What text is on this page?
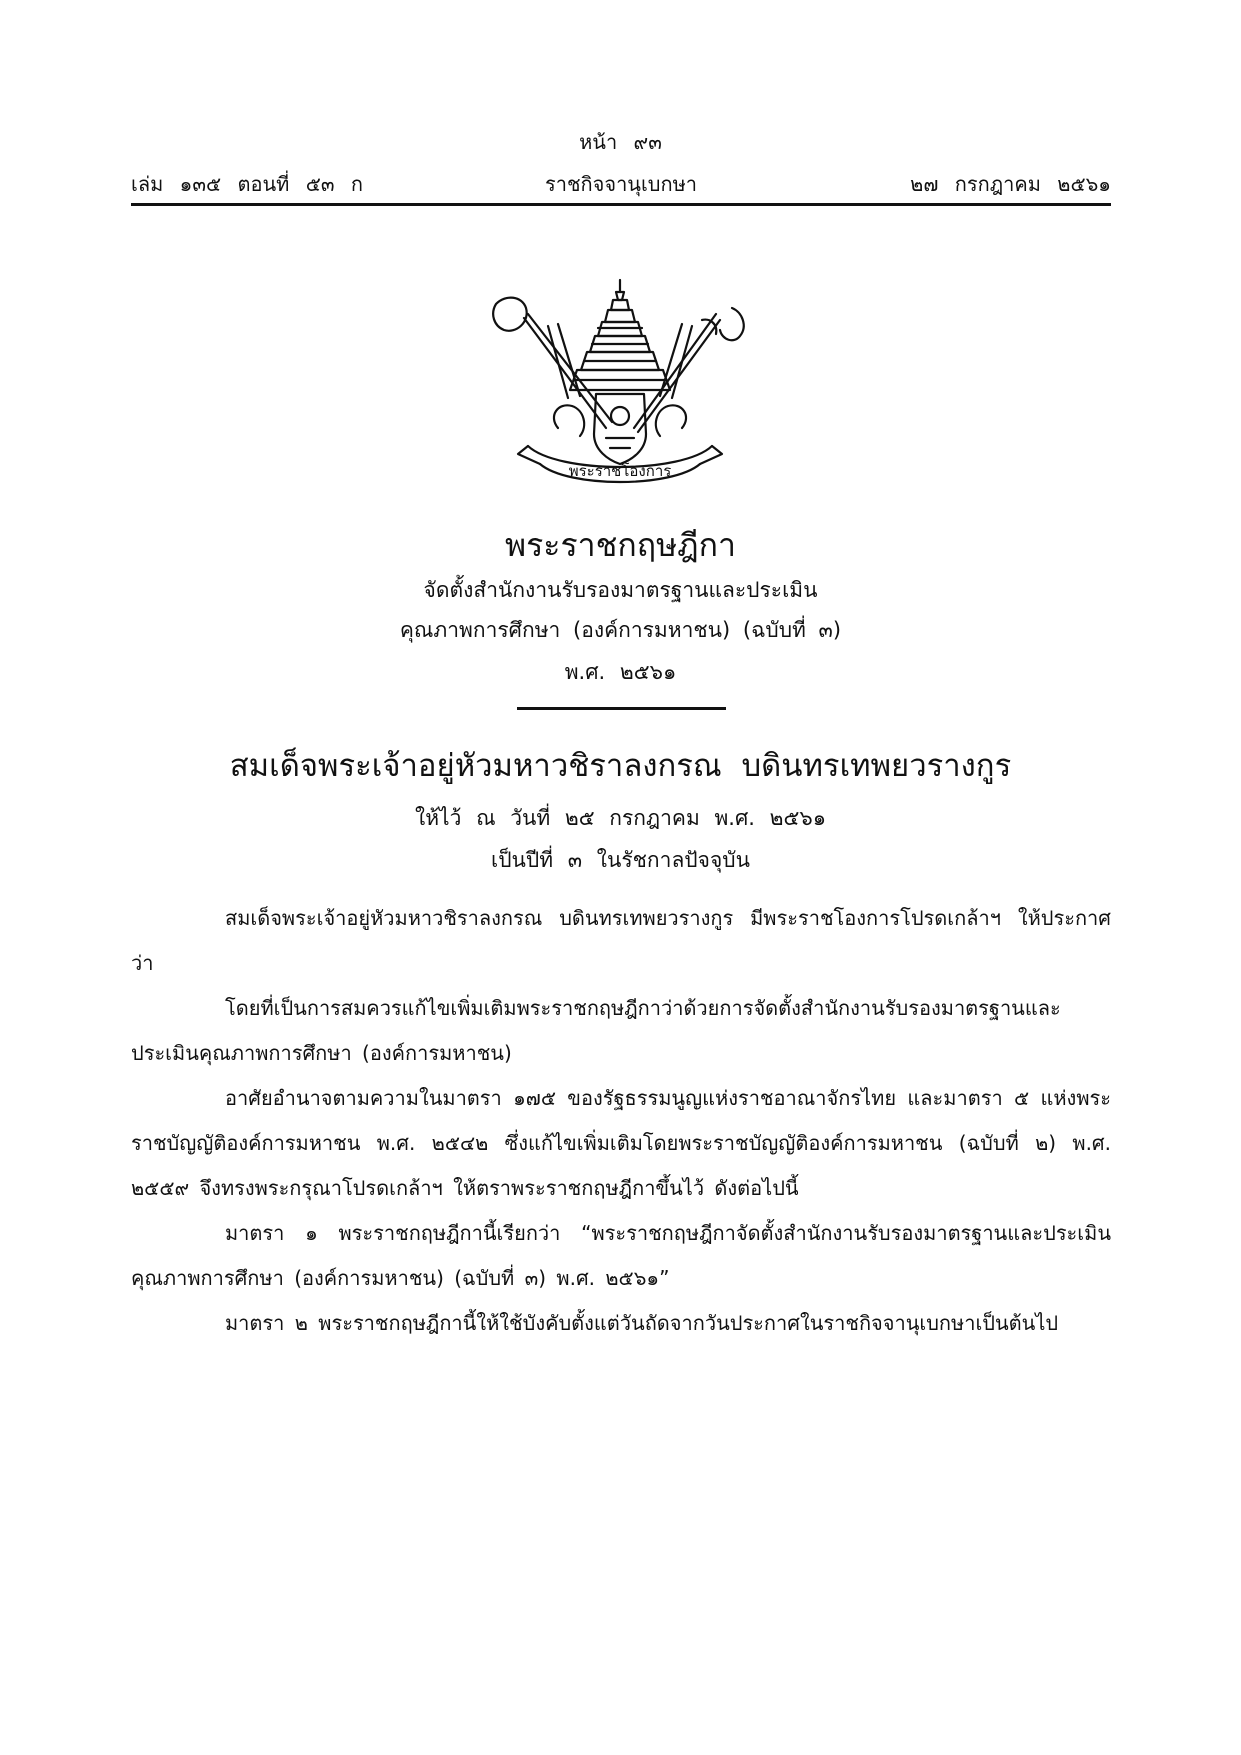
หน้า ๙๓
เล่ม ๑๓๕ ตอนที่ ๕๓ ก	ราชกิจจานุเบกษา	๒๗ กรกฎาคม ๒๕๖๑
พระราชโองการ
พระราชกฤษฎีกา
จัดตั้งสำนักงานรับรองมาตรฐานและประเมิน
คุณภาพการศึกษา (องค์การมหาชน) (ฉบับที่ ๓)
พ.ศ. ๒๕๖๑
สมเด็จพระเจ้าอยู่หัวมหาวชิราลงกรณ บดินทรเทพยวรางกูร
ให้ไว้ ณ วันที่ ๒๕ กรกฎาคม พ.ศ. ๒๕๖๑
เป็นปีที่ ๓ ในรัชกาลปัจจุบัน

สมเด็จพระเจ้าอยู่หัวมหาวชิราลงกรณ บดินทรเทพยวรางกูร มีพระราชโองการโปรดเกล้าฯ ให้ประกาศว่า

โดยที่เป็นการสมควรแก้ไขเพิ่มเติมพระราชกฤษฎีกาว่าด้วยการจัดตั้งสำนักงานรับรองมาตรฐานและประเมินคุณภาพการศึกษา (องค์การมหาชน)

อาศัยอำนาจตามความในมาตรา ๑๗๕ ของรัฐธรรมนูญแห่งราชอาณาจักรไทย และมาตรา ๕ แห่งพระราชบัญญัติองค์การมหาชน พ.ศ. ๒๕๔๒ ซึ่งแก้ไขเพิ่มเติมโดยพระราชบัญญัติองค์การมหาชน (ฉบับที่ ๒) พ.ศ. ๒๕๕๙ จึงทรงพระกรุณาโปรดเกล้าฯ ให้ตราพระราชกฤษฎีกาขึ้นไว้ ดังต่อไปนี้

มาตรา ๑ พระราชกฤษฎีกานี้เรียกว่า “พระราชกฤษฎีกาจัดตั้งสำนักงานรับรองมาตรฐานและประเมินคุณภาพการศึกษา (องค์การมหาชน) (ฉบับที่ ๓) พ.ศ. ๒๕๖๑”

มาตรา ๒ พระราชกฤษฎีกานี้ให้ใช้บังคับตั้งแต่วันถัดจากวันประกาศในราชกิจจานุเบกษาเป็นต้นไป
